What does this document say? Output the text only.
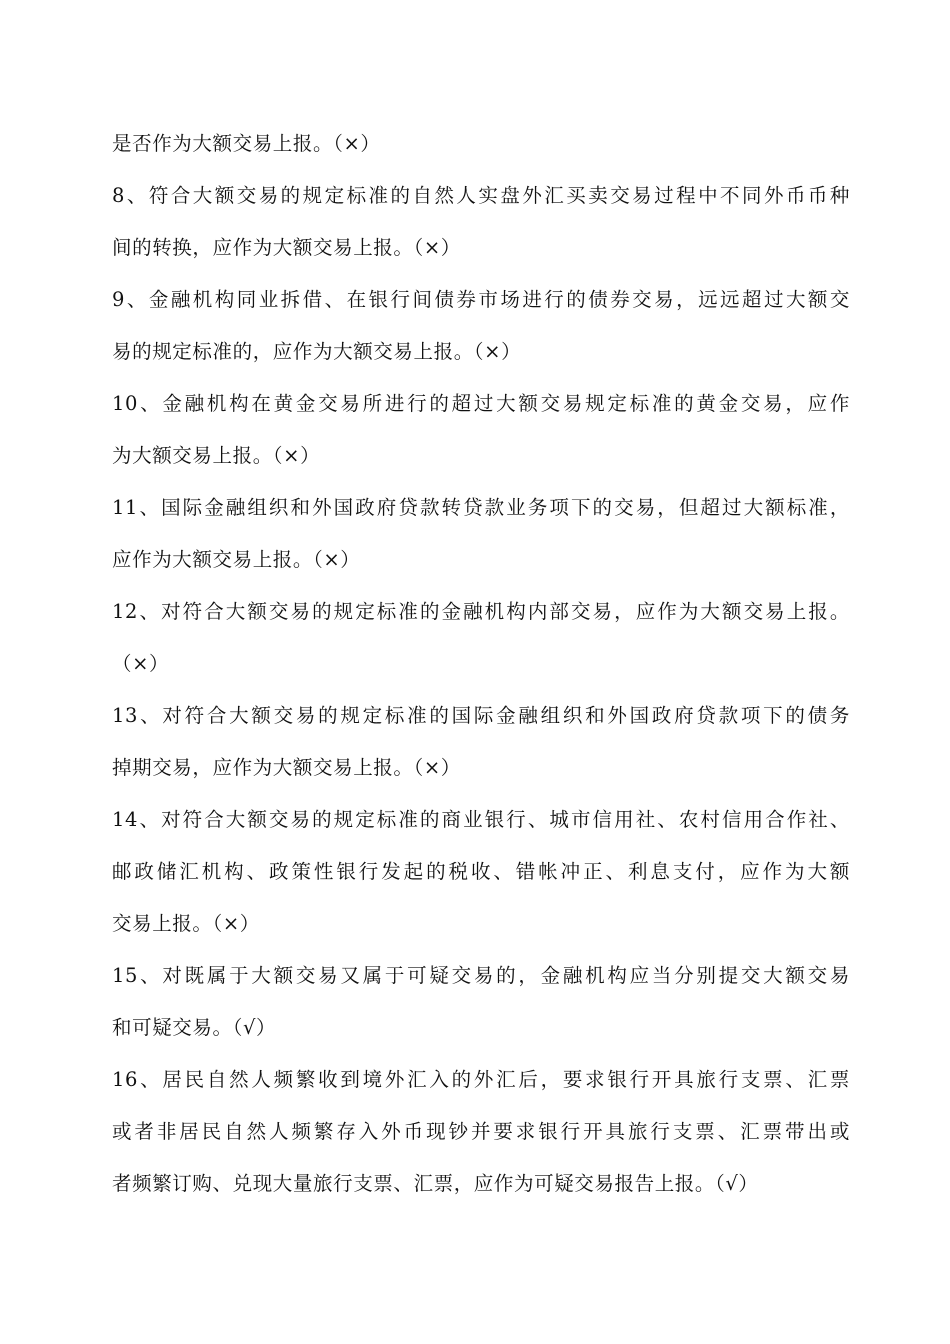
是否作为大额交易上报。（×）
8、符合大额交易的规定标准的自然人实盘外汇买卖交易过程中不同外币币种
间的转换，应作为大额交易上报。（×）
9、金融机构同业拆借、在银行间债券市场进行的债券交易，远远超过大额交
易的规定标准的，应作为大额交易上报。（×）
10、金融机构在黄金交易所进行的超过大额交易规定标准的黄金交易，应作
为大额交易上报。（×）
11、国际金融组织和外国政府贷款转贷款业务项下的交易，但超过大额标准，
应作为大额交易上报。（×）
12、对符合大额交易的规定标准的金融机构内部交易，应作为大额交易上报。
（×）
13、对符合大额交易的规定标准的国际金融组织和外国政府贷款项下的债务
掉期交易，应作为大额交易上报。（×）
14、对符合大额交易的规定标准的商业银行、城市信用社、农村信用合作社、
邮政储汇机构、政策性银行发起的税收、错帐冲正、利息支付，应作为大额
交易上报。（×）
15、对既属于大额交易又属于可疑交易的，金融机构应当分别提交大额交易
和可疑交易。（√）
16、居民自然人频繁收到境外汇入的外汇后，要求银行开具旅行支票、汇票
或者非居民自然人频繁存入外币现钞并要求银行开具旅行支票、汇票带出或
者频繁订购、兑现大量旅行支票、汇票，应作为可疑交易报告上报。（√）
